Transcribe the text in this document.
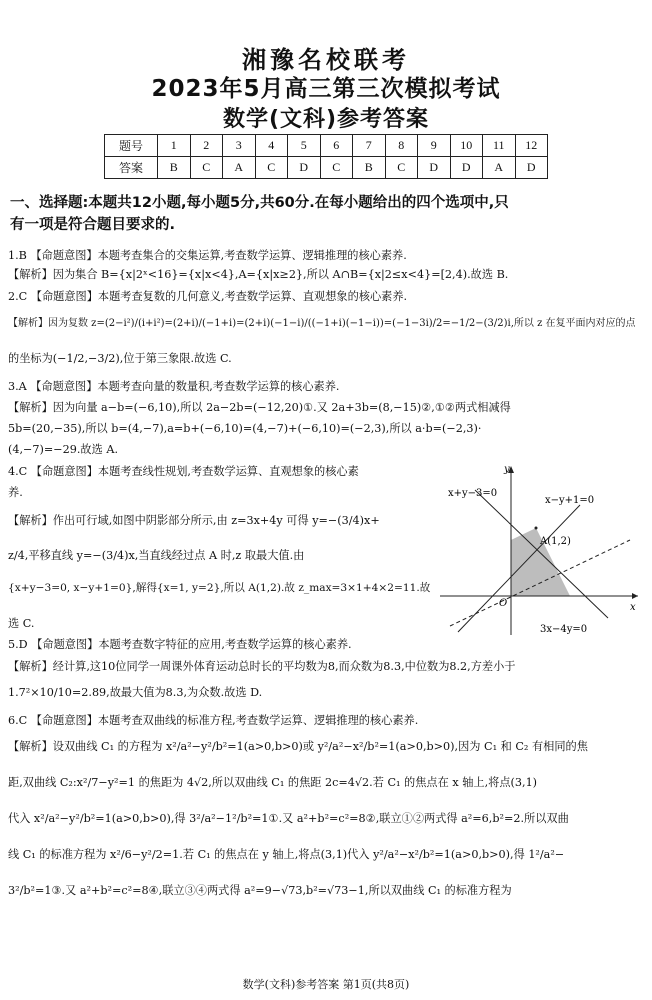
湘豫名校联考
2023年5月高三第三次模拟考试
数学(文科)参考答案
题号	1	2	3	4	5	6	7	8	9	10	11	12
答案	B	C	A	C	D	C	B	C	D	D	A	D
一、选择题:本题共12小题,每小题5分,共60分.在每小题给出的四个选项中,只
有一项是符合题目要求的.
1.B 【命题意图】本题考查集合的交集运算,考查数学运算、逻辑推理的核心素养.
【解析】因为集合 B={x|2ˣ<16}={x|x<4},A={x|x≥2},所以 A∩B={x|2≤x<4}=[2,4).故选 B.
2.C 【命题意图】本题考查复数的几何意义,考查数学运算、直观想象的核心素养.
【解析】因为复数 z=(2−i²)/(i+i²)=(2+i)/(−1+i)=(2+i)(−1−i)/((−1+i)(−1−i))=(−1−3i)/2=−1/2−(3/2)i,所以 z 在复平面内对应的点
的坐标为(−1/2,−3/2),位于第三象限.故选 C.
3.A 【命题意图】本题考查向量的数量积,考查数学运算的核心素养.
【解析】因为向量 a−b=(−6,10),所以 2a−2b=(−12,20)①.又 2a+3b=(8,−15)②,①②两式相减得
5b=(20,−35),所以 b=(4,−7),a=b+(−6,10)=(4,−7)+(−6,10)=(−2,3),所以 a·b=(−2,3)·
(4,−7)=−29.故选 A.
4.C 【命题意图】本题考查线性规划,考查数学运算、直观想象的核心素
养.
【解析】作出可行域,如图中阴影部分所示,由 z=3x+4y 可得 y=−(3/4)x+
z/4,平移直线 y=−(3/4)x,当直线经过点 A 时,z 取最大值.由
{x+y−3=0, x−y+1=0},解得{x=1, y=2},所以 A(1,2).故 z_max=3×1+4×2=11.故
选 C.
5.D 【命题意图】本题考查数字特征的应用,考查数学运算的核心素养.
【解析】经计算,这10位同学一周课外体育运动总时长的平均数为8,而众数为8.3,中位数为8.2,方差小于
1.7²×10/10=2.89,故最大值为8.3,为众数.故选 D.
6.C 【命题意图】本题考查双曲线的标准方程,考查数学运算、逻辑推理的核心素养.
【解析】设双曲线 C₁ 的方程为 x²/a²−y²/b²=1(a>0,b>0)或 y²/a²−x²/b²=1(a>0,b>0),因为 C₁ 和 C₂ 有相同的焦
距,双曲线 C₂:x²/7−y²=1 的焦距为 4√2,所以双曲线 C₁ 的焦距 2c=4√2.若 C₁ 的焦点在 x 轴上,将点(3,1)
代入 x²/a²−y²/b²=1(a>0,b>0),得 3²/a²−1²/b²=1①.又 a²+b²=c²=8②,联立①②两式得 a²=6,b²=2.所以双曲
线 C₁ 的标准方程为 x²/6−y²/2=1.若 C₁ 的焦点在 y 轴上,将点(3,1)代入 y²/a²−x²/b²=1(a>0,b>0),得 1²/a²−
3²/b²=1③.又 a²+b²=c²=8④,联立③④两式得 a²=9−√73,b²=√73−1,所以双曲线 C₁ 的标准方程为
y
x
O
x+y−3=0
x−y+1=0
3x−4y=0
A(1,2)
数学(文科)参考答案 第1页(共8页)
